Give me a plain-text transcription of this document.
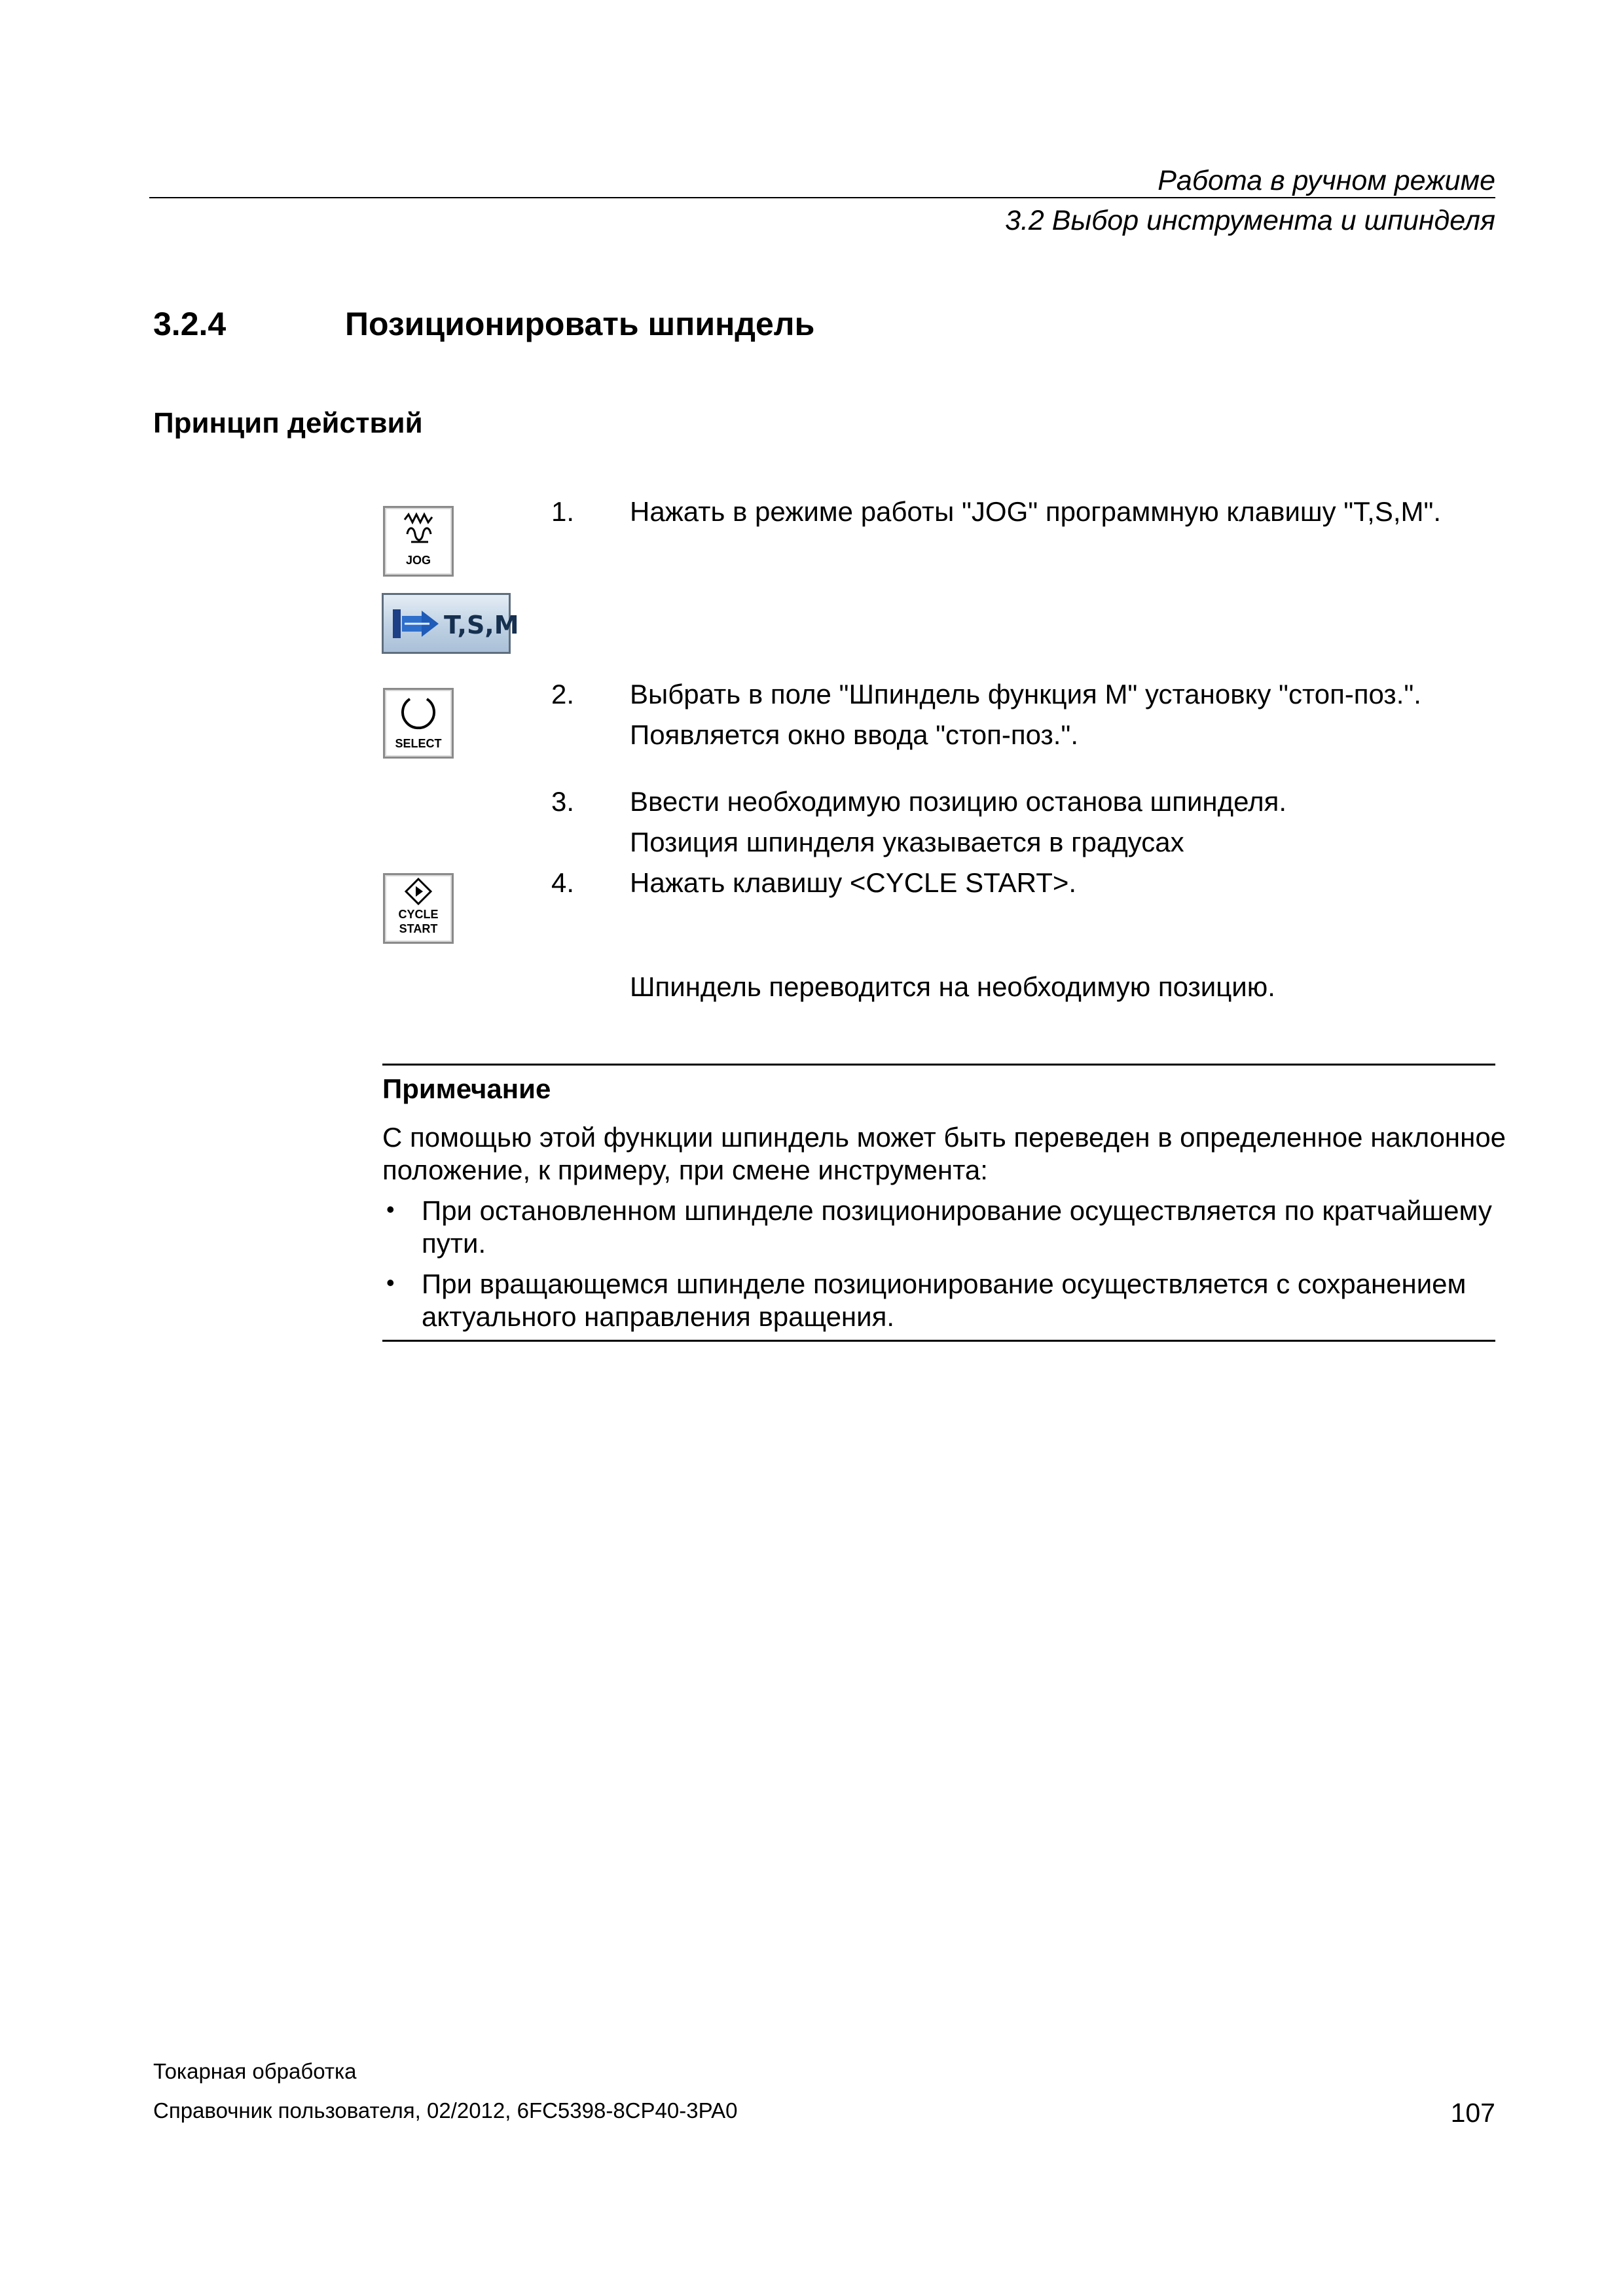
Работа в ручном режиме
3.2 Выбор инструмента и шпинделя
3.2.4	Позиционировать шпиндель
Принцип действий
JOG
T,S,M
SELECT
CYCLE
START
1. Нажать в режиме работы "JOG" программную клавишу "T,S,M".
2. Выбрать в поле "Шпиндель функция М" установку "стоп-поз.".
Появляется окно ввода "стоп-поз.".
3. Ввести необходимую позицию останова шпинделя.
Позиция шпинделя указывается в градусах
4. Нажать клавишу <CYCLE START>.
Шпиндель переводится на необходимую позицию.
Примечание
С помощью этой функции шпиндель может быть переведен в определенное наклонное
положение, к примеру, при смене инструмента:
• При остановленном шпинделе позиционирование осуществляется по кратчайшему
пути.
• При вращающемся шпинделе позиционирование осуществляется с сохранением
актуального направления вращения.
Токарная обработка
Справочник пользователя, 02/2012, 6FC5398-8CP40-3PA0	107
